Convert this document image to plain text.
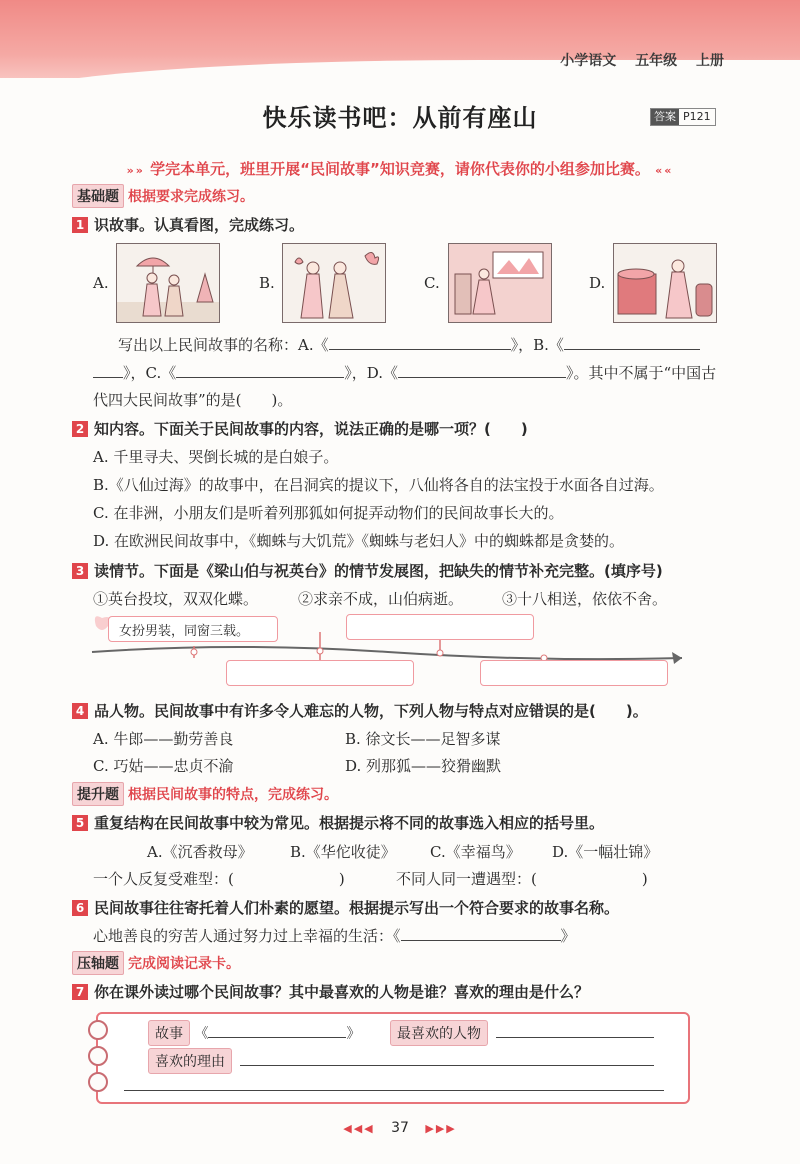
小学语文 五年级 上册
快乐读书吧：从前有座山	答案 P121
»» 学完本单元，班里开展“民间故事”知识竞赛，请你代表你的小组参加比赛。 ««
基础题 根据要求完成练习。
1 识故事。认真看图，完成练习。
A.	B.	C.	D.
写出以上民间故事的名称：A.《	》，B.《
》，C.《	》，D.《	》。其中不属于“中国古
代四大民间故事”的是(　　)。
2 知内容。下面关于民间故事的内容，说法正确的是哪一项？(　　)
A. 千里寻夫、哭倒长城的是白娘子。
B.《八仙过海》的故事中，在吕洞宾的提议下，八仙将各自的法宝投于水面各自过海。
C. 在非洲，小朋友们是听着列那狐如何捉弄动物们的民间故事长大的。
D. 在欧洲民间故事中，《蜘蛛与大饥荒》《蜘蛛与老妇人》中的蜘蛛都是贪婪的。
3 读情节。下面是《梁山伯与祝英台》的情节发展图，把缺失的情节补充完整。(填序号)
①英台投坟，双双化蝶。	②求亲不成，山伯病逝。	③十八相送，依依不舍。
女扮男装，同窗三载。
4 品人物。民间故事中有许多令人难忘的人物，下列人物与特点对应错误的是(　　)。
A. 牛郎——勤劳善良	B. 徐文长——足智多谋
C. 巧姑——忠贞不渝	D. 列那狐——狡猾幽默
提升题 根据民间故事的特点，完成练习。
5 重复结构在民间故事中较为常见。根据提示将不同的故事选入相应的括号里。
A.《沉香救母》 B.《华佗收徒》 C.《幸福鸟》 D.《一幅壮锦》
一个人反复受难型：(　　　　　　　)	不同人同一遭遇型：(　　　　　　　)
6 民间故事往往寄托着人们朴素的愿望。根据提示写出一个符合要求的故事名称。
心地善良的穷苦人通过努力过上幸福的生活：《	》
压轴题 完成阅读记录卡。
7 你在课外读过哪个民间故事？其中最喜欢的人物是谁？喜欢的理由是什么？
故事 《	》	最喜欢的人物
喜欢的理由
◀◀◀ 37 ▶▶▶
